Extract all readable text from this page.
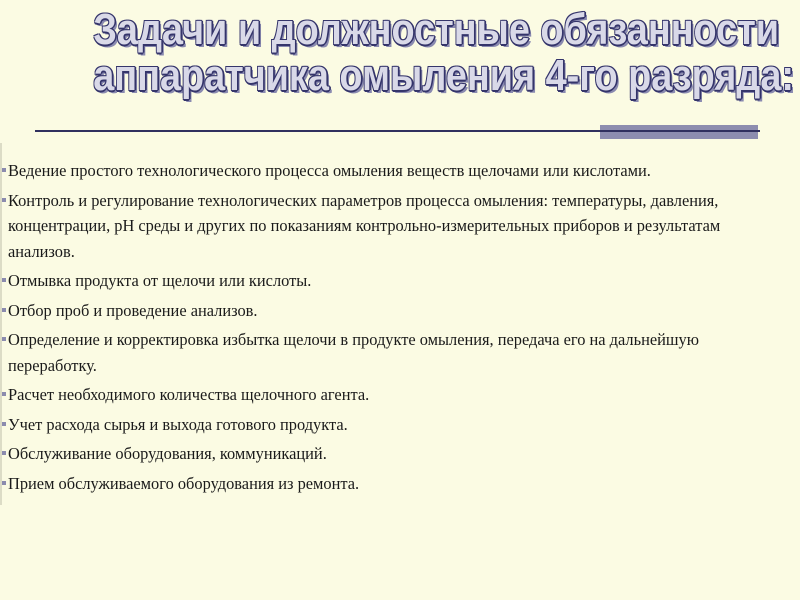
Задачи и должностные обязанности
аппаратчика омыления 4-го разряда:
Ведение простого технологического процесса омыления веществ щелочами или кислотами.
Контроль и регулирование технологических параметров процесса омыления: температуры, давления, концентрации, pH среды и других по показаниям контрольно-измерительных приборов и результатам анализов.
Отмывка продукта от щелочи или кислоты.
Отбор проб и проведение анализов.
Определение и корректировка избытка щелочи в продукте омыления, передача его на дальнейшую переработку.
Расчет необходимого количества щелочного агента.
Учет расхода сырья и выхода готового продукта.
Обслуживание оборудования, коммуникаций.
Прием обслуживаемого оборудования из ремонта.
